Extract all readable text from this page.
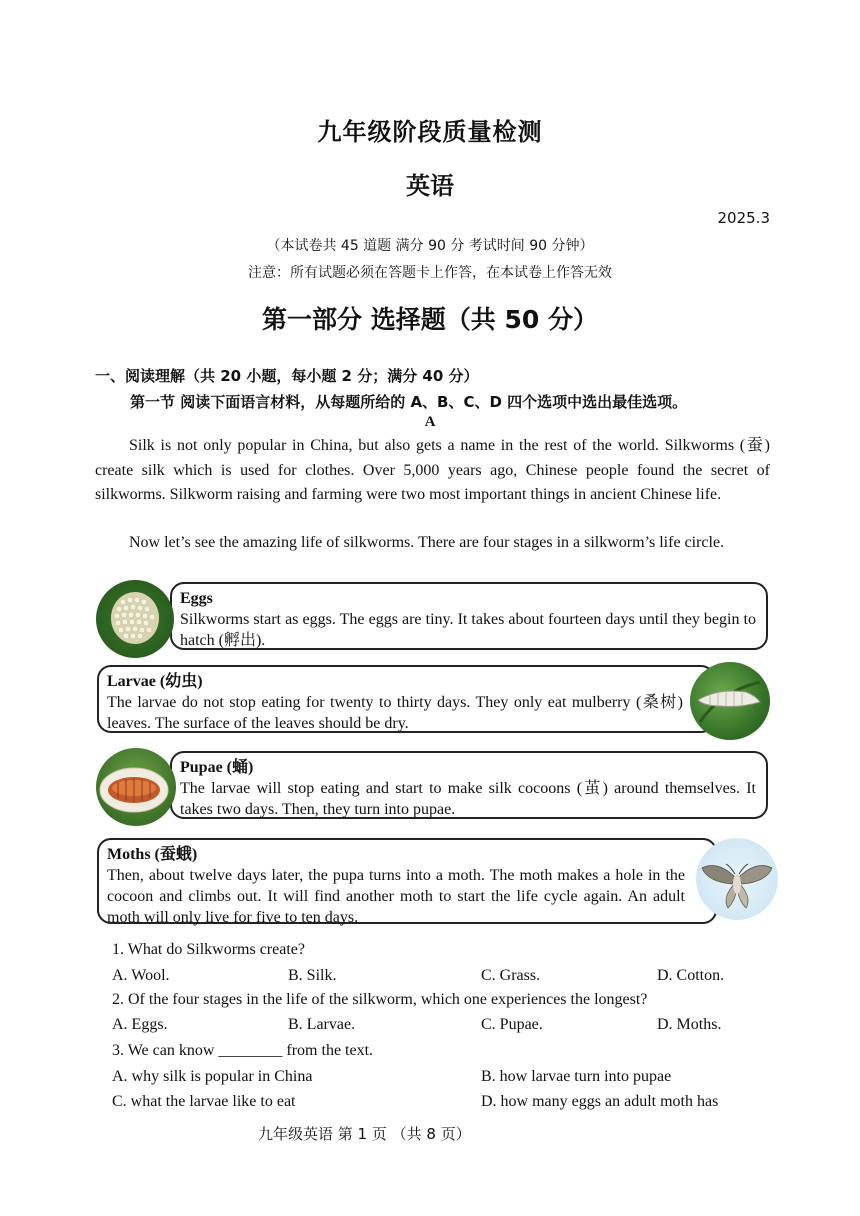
九年级阶段质量检测
英语
2025.3
（本试卷共 45 道题 满分 90 分 考试时间 90 分钟）
注意：所有试题必须在答题卡上作答，在本试卷上作答无效
第一部分 选择题（共 50 分）
一、阅读理解（共 20 小题，每小题 2 分；满分 40 分）
第一节 阅读下面语言材料，从每题所给的 A、B、C、D 四个选项中选出最佳选项。
A
Silk is not only popular in China, but also gets a name in the rest of the world. Silkworms (蚕) create silk which is used for clothes. Over 5,000 years ago, Chinese people found the secret of silkworms. Silkworm raising and farming were two most important things in ancient Chinese life.
Now let’s see the amazing life of silkworms. There are four stages in a silkworm’s life circle.
Eggs
Silkworms start as eggs. The eggs are tiny. It takes about fourteen days until they begin to hatch (孵出).
Larvae (幼虫)
The larvae do not stop eating for twenty to thirty days. They only eat mulberry (桑树) leaves. The surface of the leaves should be dry.
Pupae (蛹)
The larvae will stop eating and start to make silk cocoons (茧) around themselves. It takes two days. Then, they turn into pupae.
Moths (蚕蛾)
Then, about twelve days later, the pupa turns into a moth. The moth makes a hole in the cocoon and climbs out. It will find another moth to start the life cycle again. An adult moth will only live for five to ten days.
1. What do Silkworms create?
A. Wool.	B. Silk.	C. Grass.	D. Cotton.
2. Of the four stages in the life of the silkworm, which one experiences the longest?
A. Eggs.	B. Larvae.	C. Pupae.	D. Moths.
3. We can know ________ from the text.
A. why silk is popular in China	B. how larvae turn into pupae
C. what the larvae like to eat	D. how many eggs an adult moth has
九年级英语 第 1 页 （共 8 页）
